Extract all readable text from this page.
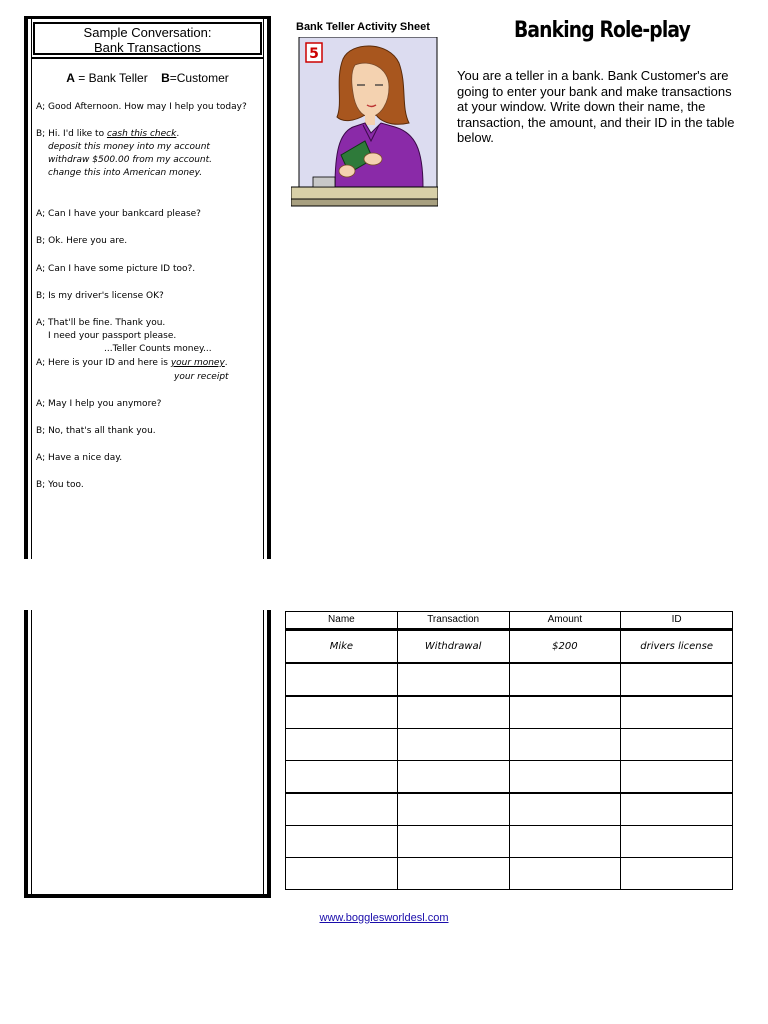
Sample Conversation:
Bank Transactions
A = Bank Teller B=Customer
A; Good Afternoon. How may I help you today?
B; Hi. I'd like to cash this check.
deposit this money into my account
withdraw $500.00 from my account.
change this into American money.
A; Can I have your bankcard please?
B; Ok. Here you are.
A; Can I have some picture ID too?.
B; Is my driver's license OK?
A; That'll be fine. Thank you.
I need your passport please.
...Teller Counts money...
A; Here is your ID and here is your money.
your receipt
A; May I help you anymore?
B; No, that's all thank you.
A; Have a nice day.
B; You too.
Bank Teller Activity Sheet
5
Banking Role-play
You are a teller in a bank. Bank Customer's are going to enter your bank and make transactions at your window. Write down their name, the transaction, the amount, and their ID in the table below.
Name	Transaction	Amount	ID
Mike	Withdrawal	$200	drivers license

www.bogglesworldesl.com
